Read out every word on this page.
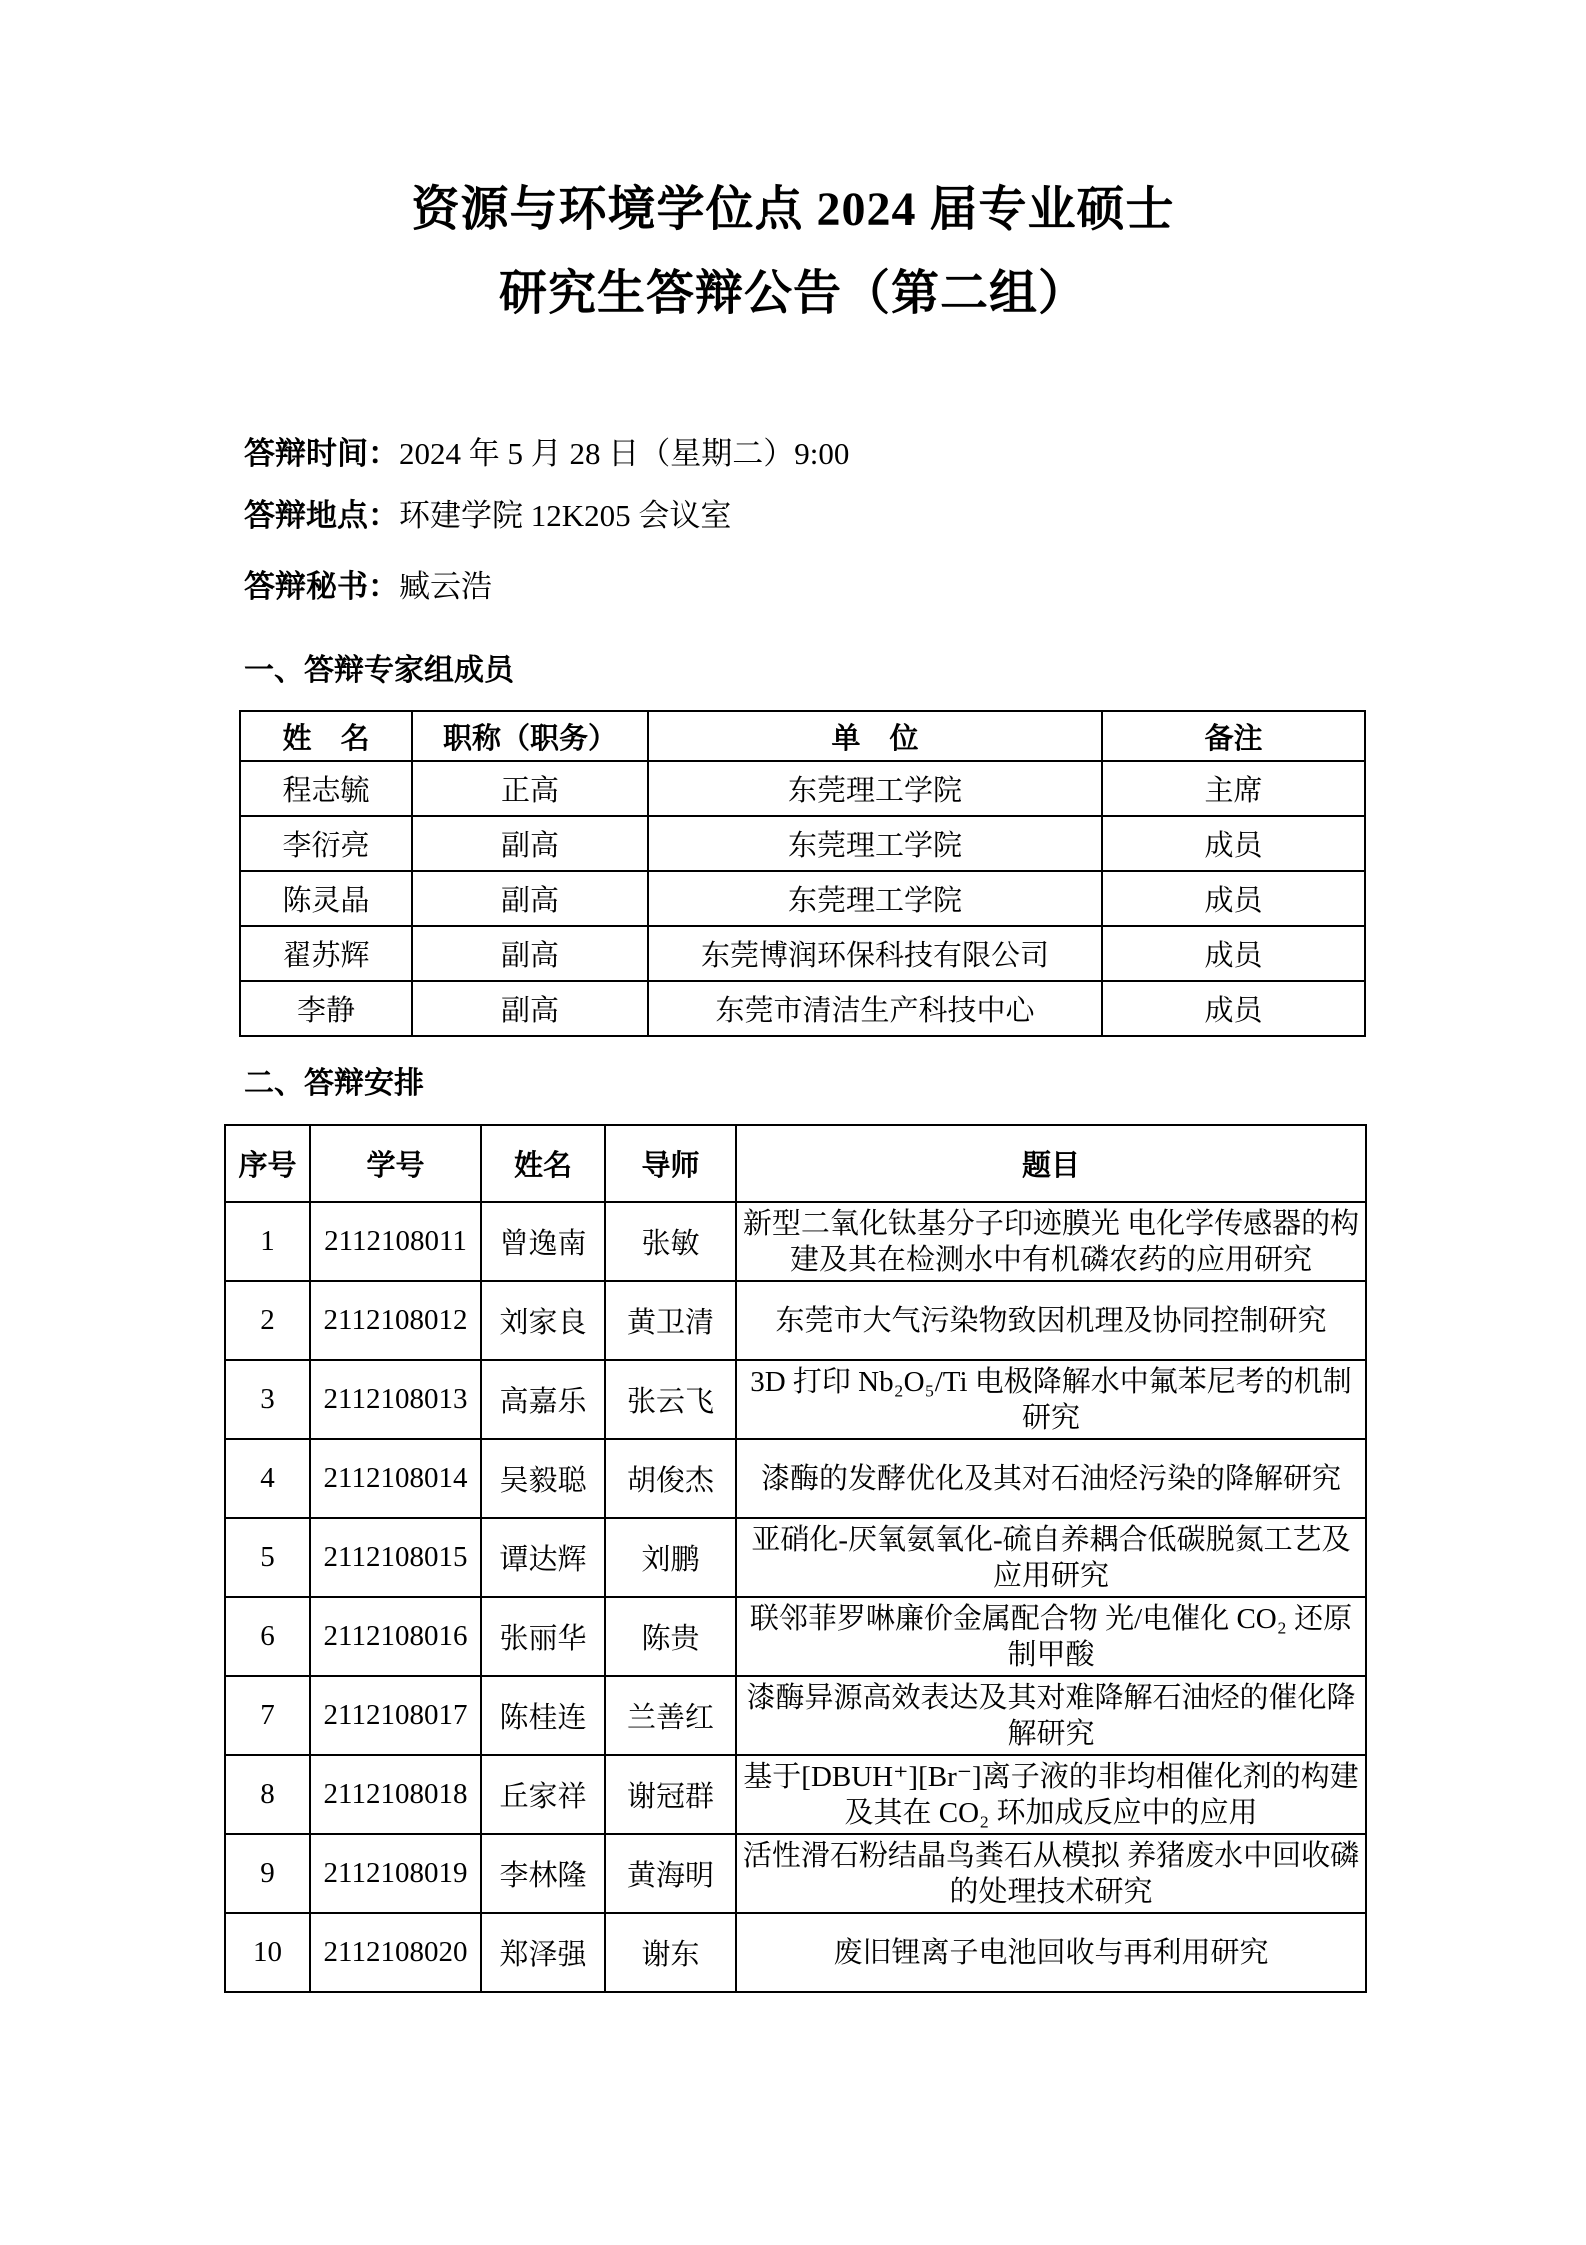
资源与环境学位点 2024 届专业硕士
研究生答辩公告（第二组）
答辩时间：2024 年 5 月 28 日（星期二）9:00
答辩地点：环建学院 12K205 会议室
答辩秘书：臧云浩
一、答辩专家组成员
姓　名	职称（职务）	单　位	备注
程志毓	正高	东莞理工学院	主席
李衍亮	副高	东莞理工学院	成员
陈灵晶	副高	东莞理工学院	成员
翟苏辉	副高	东莞博润环保科技有限公司	成员
李静	副高	东莞市清洁生产科技中心	成员
二、答辩安排
序号	学号	姓名	导师	题目
1	2112108011	曾逸南	张敏	新型二氧化钛基分子印迹膜光 电化学传感器的构建及其在检测水中有机磷农药的应用研究
2	2112108012	刘家良	黄卫清	东莞市大气污染物致因机理及协同控制研究
3	2112108013	高嘉乐	张云飞	3D 打印 Nb₂O₅/Ti 电极降解水中氟苯尼考的机制研究
4	2112108014	吴毅聪	胡俊杰	漆酶的发酵优化及其对石油烃污染的降解研究
5	2112108015	谭达辉	刘鹏	亚硝化-厌氧氨氧化-硫自养耦合低碳脱氮工艺及应用研究
6	2112108016	张丽华	陈贵	联邻菲罗啉廉价金属配合物 光/电催化 CO₂ 还原制甲酸
7	2112108017	陈桂连	兰善红	漆酶异源高效表达及其对难降解石油烃的催化降解研究
8	2112108018	丘家祥	谢冠群	基于[DBUH⁺][Br⁻]离子液的非均相催化剂的构建及其在 CO₂ 环加成反应中的应用
9	2112108019	李林隆	黄海明	活性滑石粉结晶鸟粪石从模拟 养猪废水中回收磷的处理技术研究
10	2112108020	郑泽强	谢东	废旧锂离子电池回收与再利用研究
